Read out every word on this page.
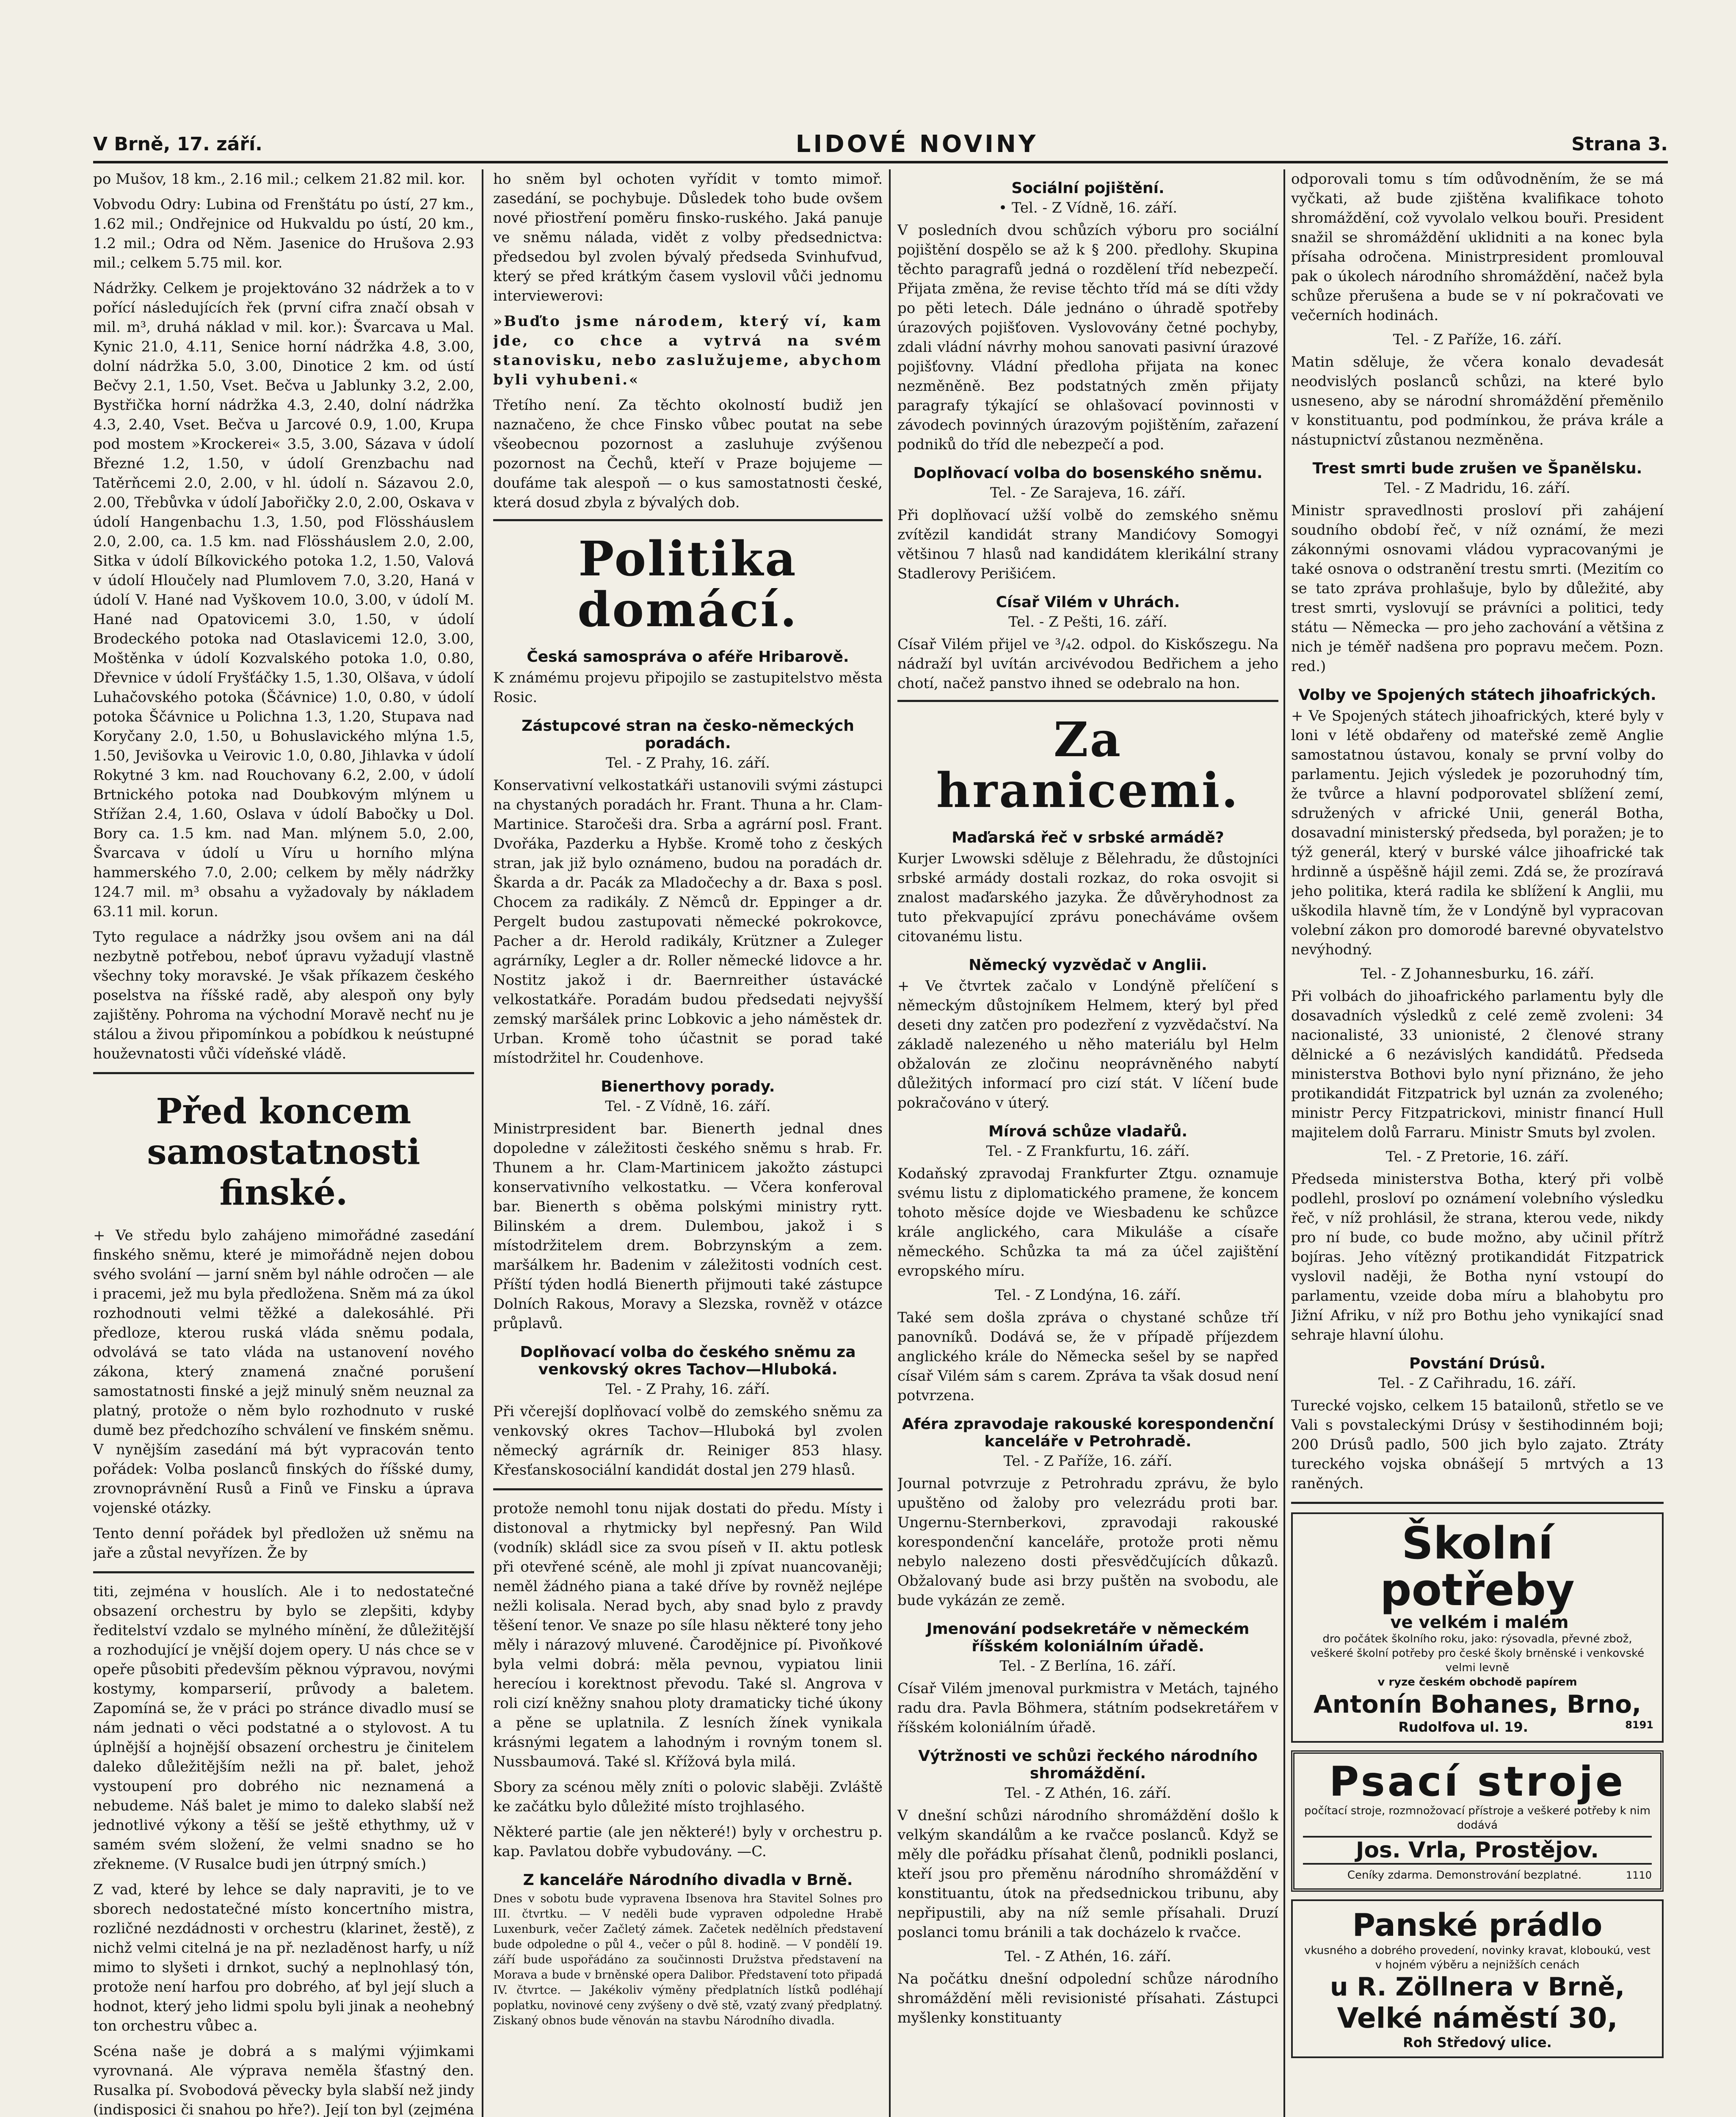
V Brně, 17. září.	LIDOVÉ NOVINY	Strana 3.

po Mušov, 18 km., 2.16 mil.; celkem 21.82 mil. kor.

Vobvodu Odry: Lubina od Frenštátu po ústí, 27 km., 1.62 mil.; Ondřejnice od Hukvaldu po ústí, 20 km., 1.2 mil.; Odra od Něm. Jasenice do Hrušova 2.93 mil.; celkem 5.75 mil. kor.

Nádržky. Celkem je projektováno 32 nádržek a to v pořící následujících řek (první cifra značí obsah v mil. m³, druhá náklad v mil. kor.): Švarcava u Mal. Kynic 21.0, 4.11, Senice horní nádržka 4.8, 3.00, dolní nádržka 5.0, 3.00, Dinotice 2 km. od ústí Bečvy 2.1, 1.50, Vset. Bečva u Jablunky 3.2, 2.00, Bystřička horní nádržka 4.3, 2.40, dolní nádržka 4.3, 2.40, Vset. Bečva u Jarcové 0.9, 1.00, Krupa pod mostem »Krockerei« 3.5, 3.00, Sázava v údolí Březné 1.2, 1.50, v údolí Grenzbachu nad Tatěrňcemi 2.0, 2.00, v hl. údolí n. Sázavou 2.0, 2.00, Třebůvka v údolí Jabořičky 2.0, 2.00, Oskava v údolí Hangenbachu 1.3, 1.50, pod Flössháuslem 2.0, 2.00, ca. 1.5 km. nad Flössháuslem 2.0, 2.00, Sitka v údolí Bílkovického potoka 1.2, 1.50, Valová v údolí Hloučely nad Plumlovem 7.0, 3.20, Haná v údolí V. Hané nad Vyškovem 10.0, 3.00, v údolí M. Hané nad Opatovicemi 3.0, 1.50, v údolí Brodeckého potoka nad Otaslavicemi 12.0, 3.00, Moštěnka v údolí Kozvalského potoka 1.0, 0.80, Dřevnice v údolí Fryšťáčky 1.5, 1.30, Olšava, v údolí Luhačovského potoka (Ščávnice) 1.0, 0.80, v údolí potoka Ščávnice u Polichna 1.3, 1.20, Stupava nad Koryčany 2.0, 1.50, u Bohuslavického mlýna 1.5, 1.50, Jevišovka u Veirovic 1.0, 0.80, Jihlavka v údolí Rokytné 3 km. nad Rouchovany 6.2, 2.00, v údolí Brtnického potoka nad Doubkovým mlýnem u Střížan 2.4, 1.60, Oslava v údolí Babočky u Dol. Bory ca. 1.5 km. nad Man. mlýnem 5.0, 2.00, Švarcava v údolí u Víru u horního mlýna hammerského 7.0, 2.00; celkem by měly nádržky 124.7 mil. m³ obsahu a vyžadovaly by nákladem 63.11 mil. korun.

Tyto regulace a nádržky jsou ovšem ani na dál nezbytně potřebou, neboť úpravu vyžadují vlastně všechny toky moravské. Je však příkazem českého poselstva na říšské radě, aby alespoň ony byly zajištěny. Pohroma na východní Moravě nechť nu je stálou a živou připomínkou a pobídkou k neústupné houževnatosti vůči vídeňské vládě.

Před koncem samostatnosti finské.

+ Ve středu bylo zahájeno mimořádné zasedání finského sněmu, které je mimořádně nejen dobou svého svolání — jarní sněm byl náhle odročen — ale i pracemi, jež mu byla předložena. Sněm má za úkol rozhodnouti velmi těžké a dalekosáhlé. Při předloze, kterou ruská vláda sněmu podala, odvolává se tato vláda na ustanovení nového zákona, který znamená značné porušení samostatnosti finské a jejž minulý sněm neuznal za platný, protože o něm bylo rozhodnuto v ruské dumě bez předchozího schválení ve finském sněmu. V nynějším zasedání má být vypracován tento pořádek: Volba poslanců finských do říšské dumy, zrovnoprávnění Rusů a Finů ve Finsku a úprava vojenské otázky.

Tento denní pořádek byl předložen už sněmu na jaře a zůstal nevyřízen. Že by

titi, zejména v houslích. Ale i to nedostatečné obsazení orchestru by bylo se zlepšiti, kdyby ředitelství vzdalo se mylného mínění, že důležitější a rozhodující je vnější dojem opery. U nás chce se v opeře působiti především pěknou výpravou, novými kostymy, komparserií, průvody a baletem. Zapomíná se, že v práci po stránce divadlo musí se nám jednati o věci podstatné a o stylovost. A tu úplnější a hojnější obsazení orchestru je činitelem daleko důležitějším nežli na př. balet, jehož vystoupení pro dobrého nic neznamená a nebudeme. Náš balet je mimo to daleko slabší než jednotlivé výkony a těší se ještě ethythmy, už v samém svém složení, že velmi snadno se ho zřekneme. (V Rusalce budi jen útrpný smích.)

Z vad, které by lehce se daly napraviti, je to ve sborech nedostatečné místo koncertního mistra, rozličné nezdádnosti v orchestru (klarinet, žestě), z nichž velmi citelná je na př. nezladěnost harfy, u níž mimo to slyšeti i drnkot, suchý a neplnohlasý tón, protože není harfou pro dobrého, ať byl její sluch a hodnot, který jeho lidmi spolu byli jinak a neohebný ton orchestru vůbec a.

Scéna naše je dobrá a s malými výjimkami vyrovnaná. Ale výprava neměla šťastný den. Rusalka pí. Svobodová pěvecky byla slabší než jindy (indisposici či snahou po hře?). Její ton byl (zejména

ho sněm byl ochoten vyřídit v tomto mimoř. zasedání, se pochybuje. Důsledek toho bude ovšem nové přiostření poměru finsko-ruského. Jaká panuje ve sněmu nálada, vidět z volby předsednictva: předsedou byl zvolen bývalý předseda Svinhufvud, který se před krátkým časem vyslovil vůči jednomu interviewerovi:

»Buďto jsme národem, který ví, kam jde, co chce a vytrvá na svém stanovisku, nebo zaslužujeme, abychom byli vyhubeni.«

Třetího není. Za těchto okolností budiž jen naznačeno, že chce Finsko vůbec poutat na sebe všeobecnou pozornost a zasluhuje zvýšenou pozornost na Čechů, kteří v Praze bojujeme — doufáme tak alespoň — o kus samostatnosti české, která dosud zbyla z bývalých dob.

Politika domácí.
Česká samospráva o aféře Hribarově.

K známému projevu připojilo se zastupitelstvo města Rosic.

Zástupcové stran na česko-německých poradách.
Tel. - Z Prahy, 16. září.

Konservativní velkostatkáři ustanovili svými zástupci na chystaných poradách hr. Frant. Thuna a hr. Clam-Martinice. Staročeši dra. Srba a agrární posl. Frant. Dvořáka, Pazderku a Hybše. Kromě toho z českých stran, jak již bylo oznámeno, budou na poradách dr. Škarda a dr. Pacák za Mladočechy a dr. Baxa s posl. Chocem za radikály. Z Němců dr. Eppinger a dr. Pergelt budou zastupovati německé pokrokovce, Pacher a dr. Herold radikály, Krützner a Zuleger agrárníky, Legler a dr. Roller německé lidovce a hr. Nostitz jakož i dr. Baernreither ústavácké velkostatkáře. Poradám budou předsedati nejvyšší zemský maršálek princ Lobkovic a jeho náměstek dr. Urban. Kromě toho účastnit se porad také místodržitel hr. Coudenhove.

Bienerthovy porady.
Tel. - Z Vídně, 16. září.

Ministrpresident bar. Bienerth jednal dnes dopoledne v záležitosti českého sněmu s hrab. Fr. Thunem a hr. Clam-Martinicem jakožto zástupci konservativního velkostatku. — Včera konferoval bar. Bienerth s oběma polskými ministry rytt. Bilinském a drem. Dulembou, jakož i s místodržitelem drem. Bobrzynským a zem. maršálkem hr. Badenim v záležitosti vodních cest. Příští týden hodlá Bienerth přijmouti také zástupce Dolních Rakous, Moravy a Slezska, rovněž v otázce průplavů.

Doplňovací volba do českého sněmu za venkovský okres Tachov—Hluboká.
Tel. - Z Prahy, 16. září.

Při včerejší doplňovací volbě do zemského sněmu za venkovský okres Tachov—Hluboká byl zvolen německý agrárník dr. Reiniger 853 hlasy. Křesťanskosociální kandidát dostal jen 279 hlasů.

protože nemohl tonu nijak dostati do předu. Místy i distonoval a rhytmicky byl nepřesný. Pan Wild (vodník) skládl sice za svou píseň v II. aktu potlesk při otevřené scéně, ale mohl ji zpívat nuancovaněji; neměl žádného piana a také dříve by rovněž nejlépe nežli kolisala. Nerad bych, aby snad bylo z pravdy těšení tenor. Ve snaze po síle hlasu některé tony jeho měly i nárazový mluvené. Čarodějnice pí. Pivoňkové byla velmi dobrá: měla pevnou, vypiatou linii herecíou i korektnost převodu. Také sl. Angrova v roli cizí kněžny snahou ploty dramaticky tiché úkony a pěne se uplatnila. Z lesních žínek vynikala krásnými legatem a lahodným i rovným tonem sl. Nussbaumová. Také sl. Křížová byla milá.

Sbory za scénou měly zníti o polovic slaběji. Zvláště ke začátku bylo důležité místo trojhlasého.

Některé partie (ale jen některé!) byly v orchestru p. kap. Pavlatou dobře vybudovány. —C.

Z kanceláře Národního divadla v Brně.

Dnes v sobotu bude vypravena Ibsenova hra Stavitel Solnes pro III. čtvrtku. — V neděli bude vypraven odpoledne Hrabě Luxenburk, večer Začletý zámek. Začetek nedělních představení bude odpoledne o půl 4., večer o půl 8. hodině. — V pondělí 19. září bude uspořádáno za součinnosti Družstva představení na Morava a bude v brněnské opera Dalibor. Představení toto připadá IV. čtvrtce. — Jakékoliv výměny předplatních lístků podléhají poplatku, novinové ceny zvýšeny o dvě stě, vzatý zvaný předplatný. Ziskaný obnos bude věnován na stavbu Národního divadla.

Sociální pojištění.
• Tel. - Z Vídně, 16. září.

V posledních dvou schůzích výboru pro sociální pojištění dospělo se až k § 200. předlohy. Skupina těchto paragrafů jedná o rozdělení tříd nebezpečí. Přijata změna, že revise těchto tříd má se díti vždy po pěti letech. Dále jednáno o úhradě spotřeby úrazových pojišťoven. Vyslovovány četné pochyby, zdali vládní návrhy mohou sanovati pasivní úrazové pojišťovny. Vládní předloha přijata na konec nezměněně. Bez podstatných změn přijaty paragrafy týkající se ohlašovací povinnosti v závodech povinných úrazovým pojištěním, zařazení podniků do tříd dle nebezpečí a pod.

Doplňovací volba do bosenského sněmu.
Tel. - Ze Sarajeva, 16. září.

Při doplňovací užší volbě do zemského sněmu zvítězil kandidát strany Mandićovy Somogyi většinou 7 hlasů nad kandidátem klerikální strany Stadlerovy Perišićem.

Císař Vilém v Uhrách.
Tel. - Z Pešti, 16. září.

Císař Vilém přijel ve ³/₄2. odpol. do Kiskőszegu. Na nádraží byl uvítán arcivévodou Bedřichem a jeho chotí, načež panstvo ihned se odebralo na hon.

Za hranicemi.
Maďarská řeč v srbské armádě?

Kurjer Lwowski sděluje z Bělehradu, že důstojníci srbské armády dostali rozkaz, do roka osvojit si znalost maďarského jazyka. Že důvěryhodnost za tuto překvapující zprávu ponecháváme ovšem citovanému listu.

Německý vyzvědač v Anglii.

+ Ve čtvrtek začalo v Londýně přelíčení s německým důstojníkem Helmem, který byl před deseti dny zatčen pro podezření z vyzvědačství. Na základě nalezeného u něho materiálu byl Helm obžalován ze zločinu neoprávněného nabytí důležitých informací pro cizí stát. V líčení bude pokračováno v úterý.

Mírová schůze vladařů.
Tel. - Z Frankfurtu, 16. září.

Kodaňský zpravodaj Frankfurter Ztgu. oznamuje svému listu z diplomatického pramene, že koncem tohoto měsíce dojde ve Wiesbadenu ke schůzce krále anglického, cara Mikuláše a císaře německého. Schůzka ta má za účel zajištění evropského míru.

Tel. - Z Londýna, 16. září.

Také sem došla zpráva o chystané schůze tří panovníků. Dodává se, že v případě příjezdem anglického krále do Německa sešel by se napřed císař Vilém sám s carem. Zpráva ta však dosud není potvrzena.

Aféra zpravodaje rakouské korespondenční kanceláře v Petrohradě.
Tel. - Z Paříže, 16. září.

Journal potvrzuje z Petrohradu zprávu, že bylo upuštěno od žaloby pro velezrádu proti bar. Ungernu-Sternberkovi, zpravodaji rakouské korespondenční kanceláře, protože proti němu nebylo nalezeno dosti přesvědčujících důkazů. Obžalovaný bude asi brzy puštěn na svobodu, ale bude vykázán ze země.

Jmenování podsekretáře v německém říšském koloniálním úřadě.
Tel. - Z Berlína, 16. září.

Císař Vilém jmenoval purkmistra v Metách, tajného radu dra. Pavla Böhmera, státním podsekretářem v říšském koloniálním úřadě.

Výtržnosti ve schůzi řeckého národního shromáždění.
Tel. - Z Athén, 16. září.

V dnešní schůzi národního shromáždění došlo k velkým skandálům a ke rvačce poslanců. Když se měly dle pořádku přísahat členů, podnikli poslanci, kteří jsou pro přeměnu národního shromáždění v konstituantu, útok na předsednickou tribunu, aby nepřipustili, aby na níž semle přísahali. Druzí poslanci tomu bránili a tak docházelo k rvačce.

Tel. - Z Athén, 16. září.

Na počátku dnešní odpolední schůze národního shromáždění měli revisionisté přísahati. Zástupci myšlenky konstituanty

odporovali tomu s tím odůvodněním, že se má vyčkati, až bude zjištěna kvalifikace tohoto shromáždění, což vyvolalo velkou bouři. President snažil se shromáždění uklidniti a na konec byla přísaha odročena. Ministrpresident promlouval pak o úkolech národního shromáždění, načež byla schůze přerušena a bude se v ní pokračovati ve večerních hodinách.

Tel. - Z Paříže, 16. září.

Matin sděluje, že včera konalo devadesát neodvislých poslanců schůzi, na které bylo usneseno, aby se národní shromáždění přeměnilo v konstituantu, pod podmínkou, že práva krále a nástupnictví zůstanou nezměněna.

Trest smrti bude zrušen ve Španělsku.
Tel. - Z Madridu, 16. září.

Ministr spravedlnosti prosloví při zahájení soudního období řeč, v níž oznámí, že mezi zákonnými osnovami vládou vypracovanými je také osnova o odstranění trestu smrti. (Mezitím co se tato zpráva prohlašuje, bylo by důležité, aby trest smrti, vyslovují se právníci a politici, tedy státu — Německa — pro jeho zachování a většina z nich je téměř nadšena pro popravu mečem. Pozn. red.)

Volby ve Spojených státech jihoafrických.

+ Ve Spojených státech jihoafrických, které byly v loni v létě obdařeny od mateřské země Anglie samostatnou ústavou, konaly se první volby do parlamentu. Jejich výsledek je pozoruhodný tím, že tvůrce a hlavní podporovatel sblížení zemí, sdružených v africké Unii, generál Botha, dosavadní ministerský předseda, byl poražen; je to týž generál, který v burské válce jihoafrické tak hrdinně a úspěšně hájil zemi. Zdá se, že prozíravá jeho politika, která radila ke sblížení k Anglii, mu uškodila hlavně tím, že v Londýně byl vypracovan volební zákon pro domorodé barevné obyvatelstvo nevýhodný.

Tel. - Z Johannesburku, 16. září.

Při volbách do jihoafrického parlamentu byly dle dosavadních výsledků z celé země zvoleni: 34 nacionalisté, 33 unionisté, 2 členové strany dělnické a 6 nezávislých kandidátů. Předseda ministerstva Bothovi bylo nyní přiznáno, že jeho protikandidát Fitzpatrick byl uznán za zvoleného; ministr Percy Fitzpatrickovi, ministr financí Hull majitelem dolů Farraru. Ministr Smuts byl zvolen.

Tel. - Z Pretorie, 16. září.

Předseda ministerstva Botha, který při volbě podlehl, prosloví po oznámení volebního výsledku řeč, v níž prohlásil, že strana, kterou vede, nikdy pro ní bude, co bude možno, aby učinil přítrž bojíras. Jeho vítězný protikandidát Fitzpatrick vyslovil naději, že Botha nyní vstoupí do parlamentu, vzeide doba míru a blahobytu pro Jižní Afriku, v níž pro Bothu jeho vynikající snad sehraje hlavní úlohu.

Povstání Drúsů.
Tel. - Z Cařihradu, 16. září.

Turecké vojsko, celkem 15 batailonů, střetlo se ve Vali s povstaleckými Drúsy v šestihodinném boji; 200 Drúsů padlo, 500 jich bylo zajato. Ztráty tureckého vojska obnášejí 5 mrtvých a 13 raněných.

Školní potřeby ve velkém i malém
dro počátek školního roku, jako: rýsovadla, převné zbož, veškeré školní potřeby pro české školy brněnské i venkovské velmi levně
v ryze českém obchodě papírem
Antonín Bohanes, Brno,
Rudolfova ul. 19.	8191
Psací stroje
počítací stroje, rozmnožovací přístroje a veškeré potřeby k nim dodává
Jos. Vrla, Prostějov.
Ceníky zdarma. Demonstrování bezplatné.	1110
Panské prádlo
vkusného a dobrého provedení, novinky kravat, kloboukú, vest v hojném výběru a nejnižších cenách
u R. Zöllnera v Brně,
Velké náměstí 30,
Roh Středový ulice.
